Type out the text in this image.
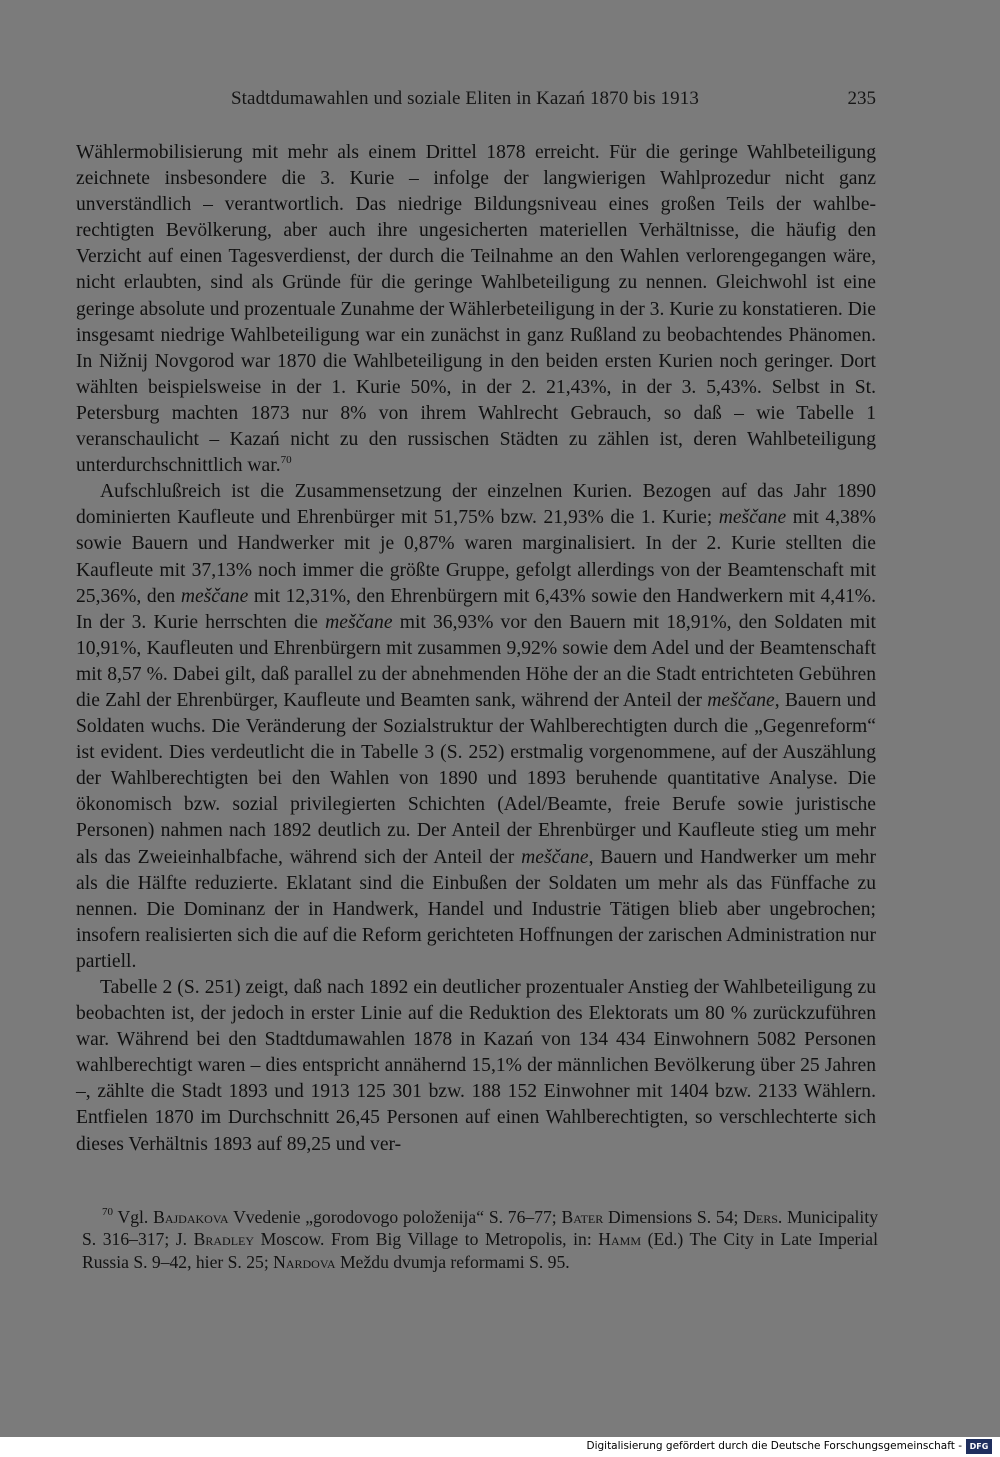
Stadtdumawahlen und soziale Eliten in Kazań 1870 bis 1913	235

Wählermobilisierung mit mehr als einem Drittel 1878 erreicht. Für die geringe Wahlbeteiligung zeichnete insbesondere die 3. Kurie – infolge der langwierigen Wahlprozedur nicht ganz unverständlich – verantwortlich. Das niedrige Bildungsniveau eines großen Teils der wahlberechtigten Bevölkerung, aber auch ihre ungesicherten materiellen Verhältnisse, die häufig den Verzicht auf einen Tagesverdienst, der durch die Teilnahme an den Wahlen verlorengegangen wäre, nicht erlaubten, sind als Gründe für die geringe Wahlbeteiligung zu nennen. Gleichwohl ist eine geringe absolute und prozentuale Zunahme der Wählerbeteiligung in der 3. Kurie zu konstatieren. Die insgesamt niedrige Wahlbeteiligung war ein zunächst in ganz Rußland zu beobachtendes Phänomen. In Nižnij Novgorod war 1870 die Wahlbeteiligung in den beiden ersten Kurien noch geringer. Dort wählten beispielsweise in der 1. Kurie 50%, in der 2. 21,43%, in der 3. 5,43%. Selbst in St. Petersburg machten 1873 nur 8% von ihrem Wahlrecht Gebrauch, so daß – wie Tabelle 1 veranschaulicht – Kazań nicht zu den russischen Städten zu zählen ist, deren Wahlbeteiligung unterdurchschnittlich war.$^{70}$

Aufschlußreich ist die Zusammensetzung der einzelnen Kurien. Bezogen auf das Jahr 1890 dominierten Kaufleute und Ehrenbürger mit 51,75% bzw. 21,93% die 1. Kurie; meščane mit 4,38% sowie Bauern und Handwerker mit je 0,87% waren marginalisiert. In der 2. Kurie stellten die Kaufleute mit 37,13% noch immer die größte Gruppe, gefolgt allerdings von der Beamtenschaft mit 25,36%, den meščane mit 12,31%, den Ehrenbürgern mit 6,43% sowie den Handwerkern mit 4,41%. In der 3. Kurie herrschten die meščane mit 36,93% vor den Bauern mit 18,91%, den Soldaten mit 10,91%, Kaufleuten und Ehrenbürgern mit zusammen 9,92% sowie dem Adel und der Beamtenschaft mit 8,57 %. Dabei gilt, daß parallel zu der abnehmenden Höhe der an die Stadt entrichteten Gebühren die Zahl der Ehrenbürger, Kaufleute und Beamten sank, während der Anteil der meščane, Bauern und Soldaten wuchs. Die Veränderung der Sozialstruktur der Wahlberechtigten durch die „Gegenreform“ ist evident. Dies verdeutlicht die in Tabelle 3 (S. 252) erstmalig vorgenommene, auf der Auszählung der Wahlberechtigten bei den Wahlen von 1890 und 1893 beruhende quantitative Analyse. Die ökonomisch bzw. sozial privilegierten Schichten (Adel/Beamte, freie Berufe sowie juristische Personen) nahmen nach 1892 deutlich zu. Der Anteil der Ehrenbürger und Kaufleute stieg um mehr als das Zweieinhalbfache, während sich der Anteil der meščane, Bauern und Handwerker um mehr als die Hälfte reduzierte. Eklatant sind die Einbußen der Soldaten um mehr als das Fünffache zu nennen. Die Dominanz der in Handwerk, Handel und Industrie Tätigen blieb aber ungebrochen; insofern realisierten sich die auf die Reform gerichteten Hoffnungen der zarischen Administration nur partiell.

Tabelle 2 (S. 251) zeigt, daß nach 1892 ein deutlicher prozentualer Anstieg der Wahlbeteiligung zu beobachten ist, der jedoch in erster Linie auf die Reduktion des Elektorats um 80 % zurückzuführen war. Während bei den Stadtdumawahlen 1878 in Kazań von 134 434 Einwohnern 5082 Personen wahlberechtigt waren – dies entspricht annähernd 15,1% der männlichen Bevölkerung über 25 Jahren –, zählte die Stadt 1893 und 1913 125 301 bzw. 188 152 Einwohner mit 1404 bzw. 2133 Wählern. Entfielen 1870 im Durchschnitt 26,45 Personen auf einen Wahlberechtigten, so verschlechterte sich dieses Verhältnis 1893 auf 89,25 und ver-

$^{70}$ Vgl. Bajdakova Vvedenie „gorodovogo položenija“ S. 76–77; Bater Dimensions S. 54; Ders. Municipality S. 316–317; J. Bradley Moscow. From Big Village to Metropolis, in: Hamm (Ed.) The City in Late Imperial Russia S. 9–42, hier S. 25; Nardova Meždu dvumja reformami S. 95.

Digitalisierung gefördert durch die Deutsche Forschungsgemeinschaft - DFG
